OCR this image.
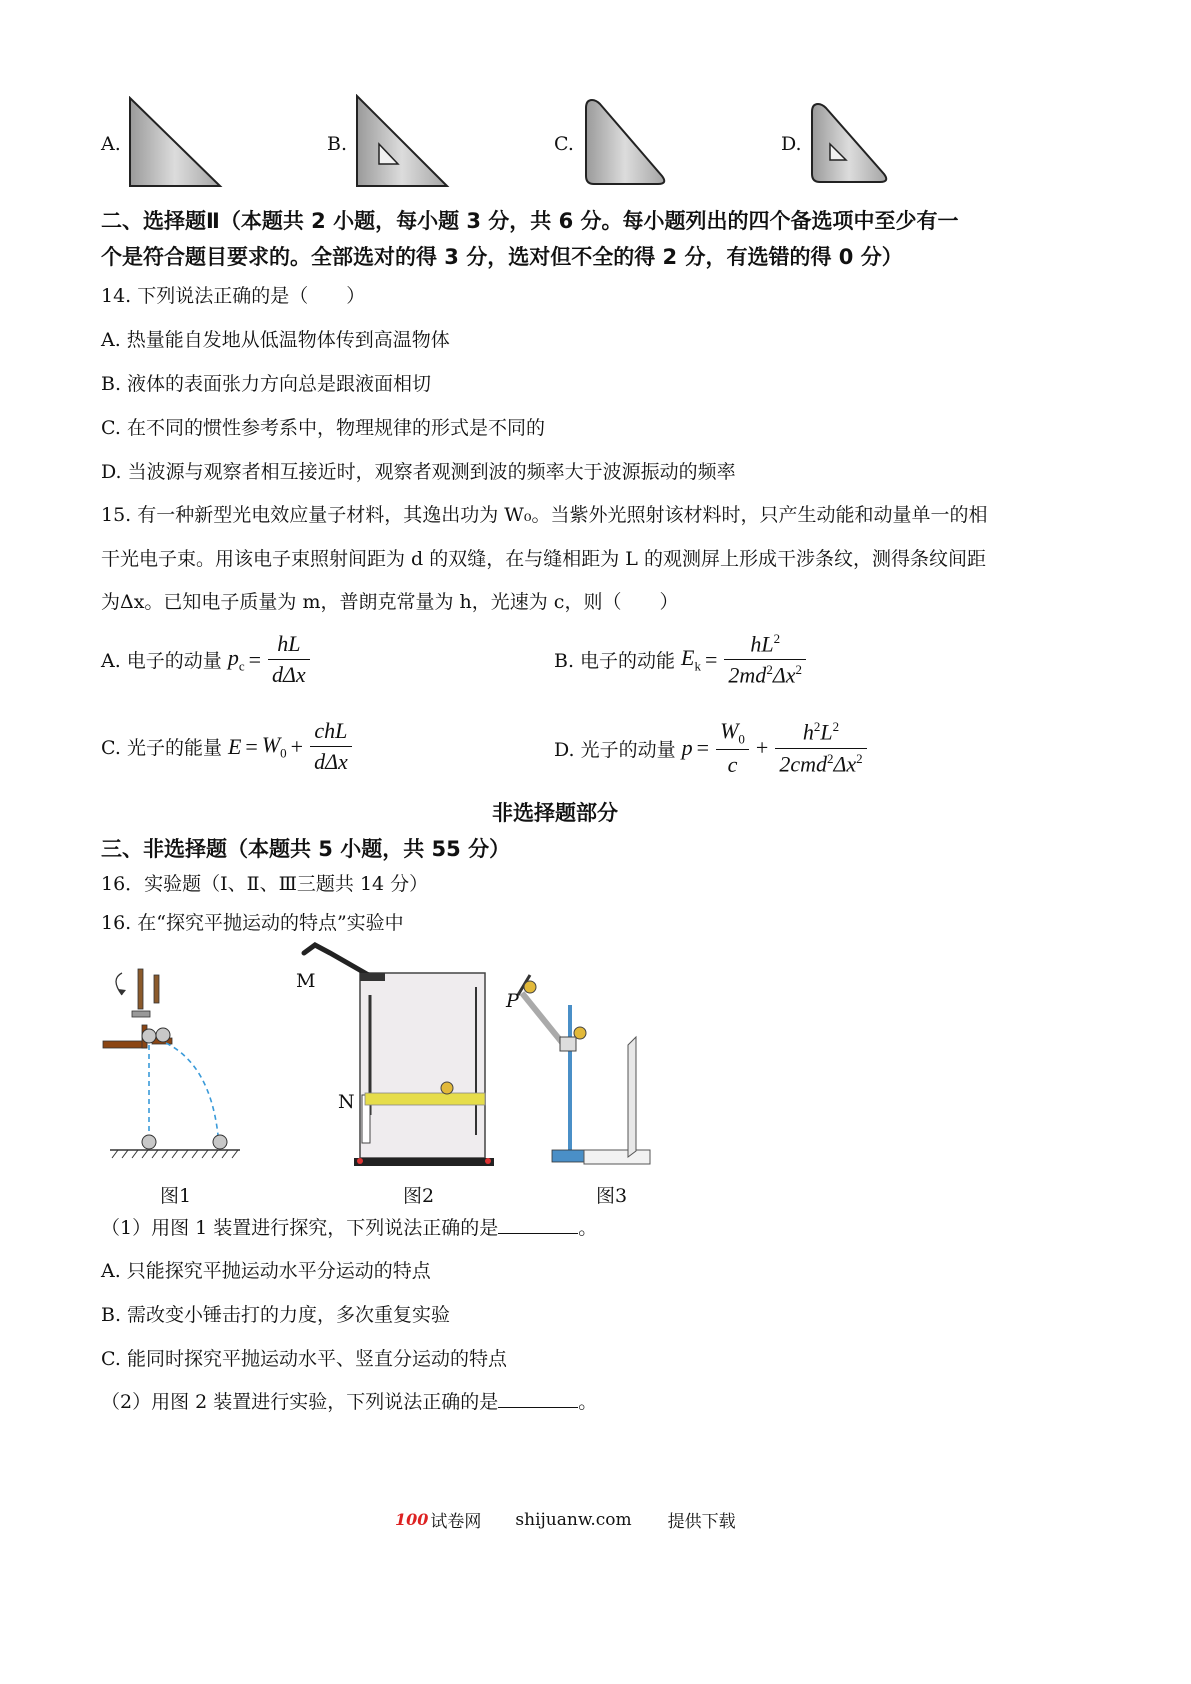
A.	B.	C.	D.
二、选择题Ⅱ（本题共 2 小题，每小题 3 分，共 6 分。每小题列出的四个备选项中至少有一
个是符合题目要求的。全部选对的得 3 分，选对但不全的得 2 分，有选错的得 0 分）
14. 下列说法正确的是（　　）
A. 热量能自发地从低温物体传到高温物体
B. 液体的表面张力方向总是跟液面相切
C. 在不同的惯性参考系中，物理规律的形式是不同的
D. 当波源与观察者相互接近时，观察者观测到波的频率大于波源振动的频率
15. 有一种新型光电效应量子材料，其逸出功为 W₀。当紫外光照射该材料时，只产生动能和动量单一的相
干光电子束。用该电子束照射间距为 d 的双缝，在与缝相距为 L 的观测屏上形成干涉条纹，测得条纹间距
为Δx。已知电子质量为 m，普朗克常量为 h，光速为 c，则（　　）
A. 电子的动量 $p_c = \frac{hL}{\text{dΔx}}$	B. 电子的动能 $E_k = \frac{hL^2}{2md^2\Delta x^2}$
C. 光子的能量 $E = W_0 + \frac{\text{chL}}{\text{dΔx}}$	D. 光子的动量 $p = \frac{W_0}{c} + \frac{h^2L^2}{2cmd^2\Delta x^2}$
非选择题部分
三、非选择题（本题共 5 小题，共 55 分）
16．实验题（Ⅰ、Ⅱ、Ⅲ三题共 14 分）
16. 在“探究平抛运动的特点”实验中
图1
M
N
图2
P
图3
（1）用图 1 装置进行探究，下列说法正确的是	。
A. 只能探究平抛运动水平分运动的特点
B. 需改变小锤击打的力度，多次重复实验
C. 能同时探究平抛运动水平、竖直分运动的特点
（2）用图 2 装置进行实验，下列说法正确的是	。
100 试卷网 shijuanw.com 提供下载
